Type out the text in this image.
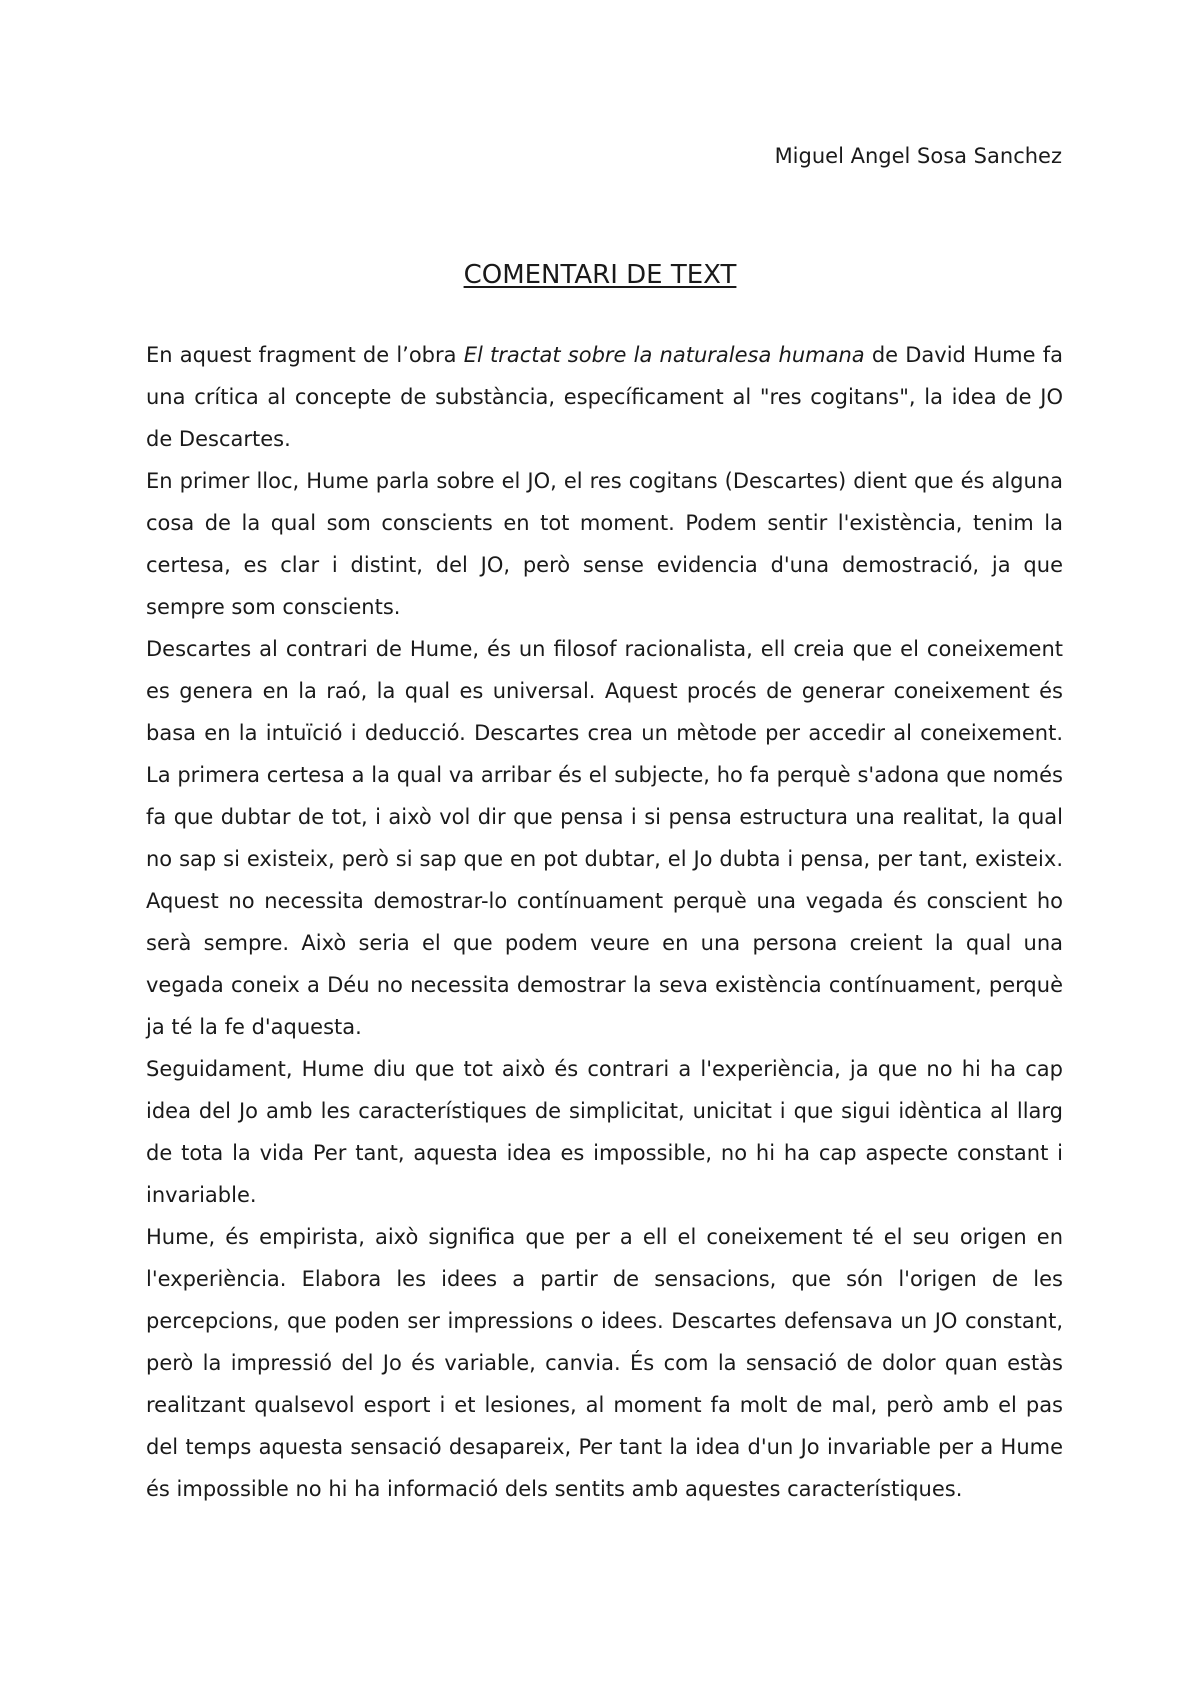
Miguel Angel Sosa Sanchez
COMENTARI DE TEXT

En aquest fragment de l’obra El tractat sobre la naturalesa humana de David Hume fa una crítica al concepte de substància, específicament al "res cogitans", la idea de JO de Descartes.

En primer lloc, Hume parla sobre el JO, el res cogitans (Descartes) dient que és alguna cosa de la qual som conscients en tot moment. Podem sentir l'existència, tenim la certesa, es clar i distint, del JO, però sense evidencia d'una demostració, ja que sempre som conscients.

Descartes al contrari de Hume, és un filosof racionalista, ell creia que el coneixement es genera en la raó, la qual es universal. Aquest procés de generar coneixement és basa en la intuïció i deducció. Descartes crea un mètode per accedir al coneixement. La primera certesa a la qual va arribar és el subjecte, ho fa perquè s'adona que només fa que dubtar de tot, i això vol dir que pensa i si pensa estructura una realitat, la qual no sap si existeix, però si sap que en pot dubtar, el Jo dubta i pensa, per tant, existeix. Aquest no necessita demostrar-lo contínuament perquè una vegada és conscient ho serà sempre. Això seria el que podem veure en una persona creient la qual una vegada coneix a Déu no necessita demostrar la seva existència contínuament, perquè ja té la fe d'aquesta.

Seguidament, Hume diu que tot això és contrari a l'experiència, ja que no hi ha cap idea del Jo amb les característiques de simplicitat, unicitat i que sigui idèntica al llarg de tota la vida Per tant, aquesta idea es impossible, no hi ha cap aspecte constant i invariable.

Hume, és empirista, això significa que per a ell el coneixement té el seu origen en l'experiència. Elabora les idees a partir de sensacions, que són l'origen de les percepcions, que poden ser impressions o idees. Descartes defensava un JO constant, però la impressió del Jo és variable, canvia. És com la sensació de dolor quan estàs realitzant qualsevol esport i et lesiones, al moment fa molt de mal, però amb el pas del temps aquesta sensació desapareix, Per tant la idea d'un Jo invariable per a Hume és impossible no hi ha informació dels sentits amb aquestes característiques.
